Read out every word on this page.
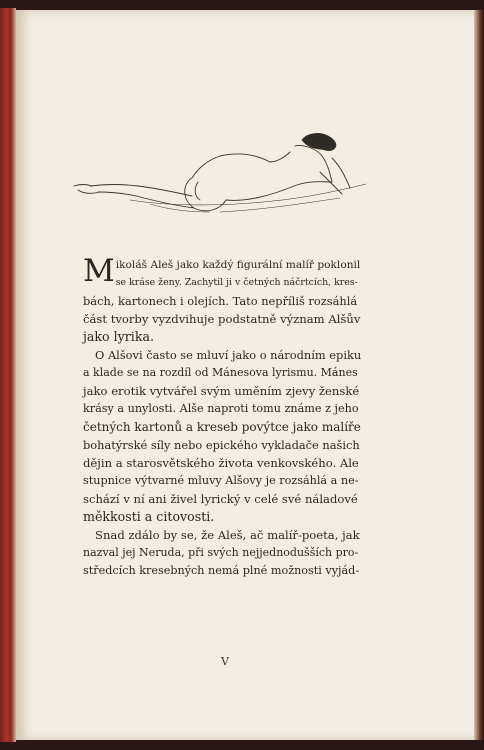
M ikoláš Aleš jako každý figurální malíř poklonil
se kráse ženy. Zachytil ji v četných náčrtcích, kres-
bách, kartonech i olejích. Tato nepříliš rozsáhlá
část tvorby vyzdvihuje podstatně význam Alšův
jako lyrika.

O Alšovi často se mluví jako o národním epiku
a klade se na rozdíl od Mánesova lyrismu. Mánes
jako erotik vytvářel svým uměním zjevy ženské
krásy a unylosti. Alše naproti tomu známe z jeho
četných kartonů a kreseb povýtce jako malíře
bohatýrské síly nebo epického vykladače našich
dějin a starosvětského života venkovského. Ale
stupnice výtvarné mluvy Alšovy je rozsáhlá a ne-
schází v ní ani živel lyrický v celé své náladové
měkkosti a citovosti.

Snad zdálo by se, že Aleš, ač malíř-poeta, jak
nazval jej Neruda, při svých nejjednodušších pro-
středcích kresebných nemá plné možnosti vyjád-

V
